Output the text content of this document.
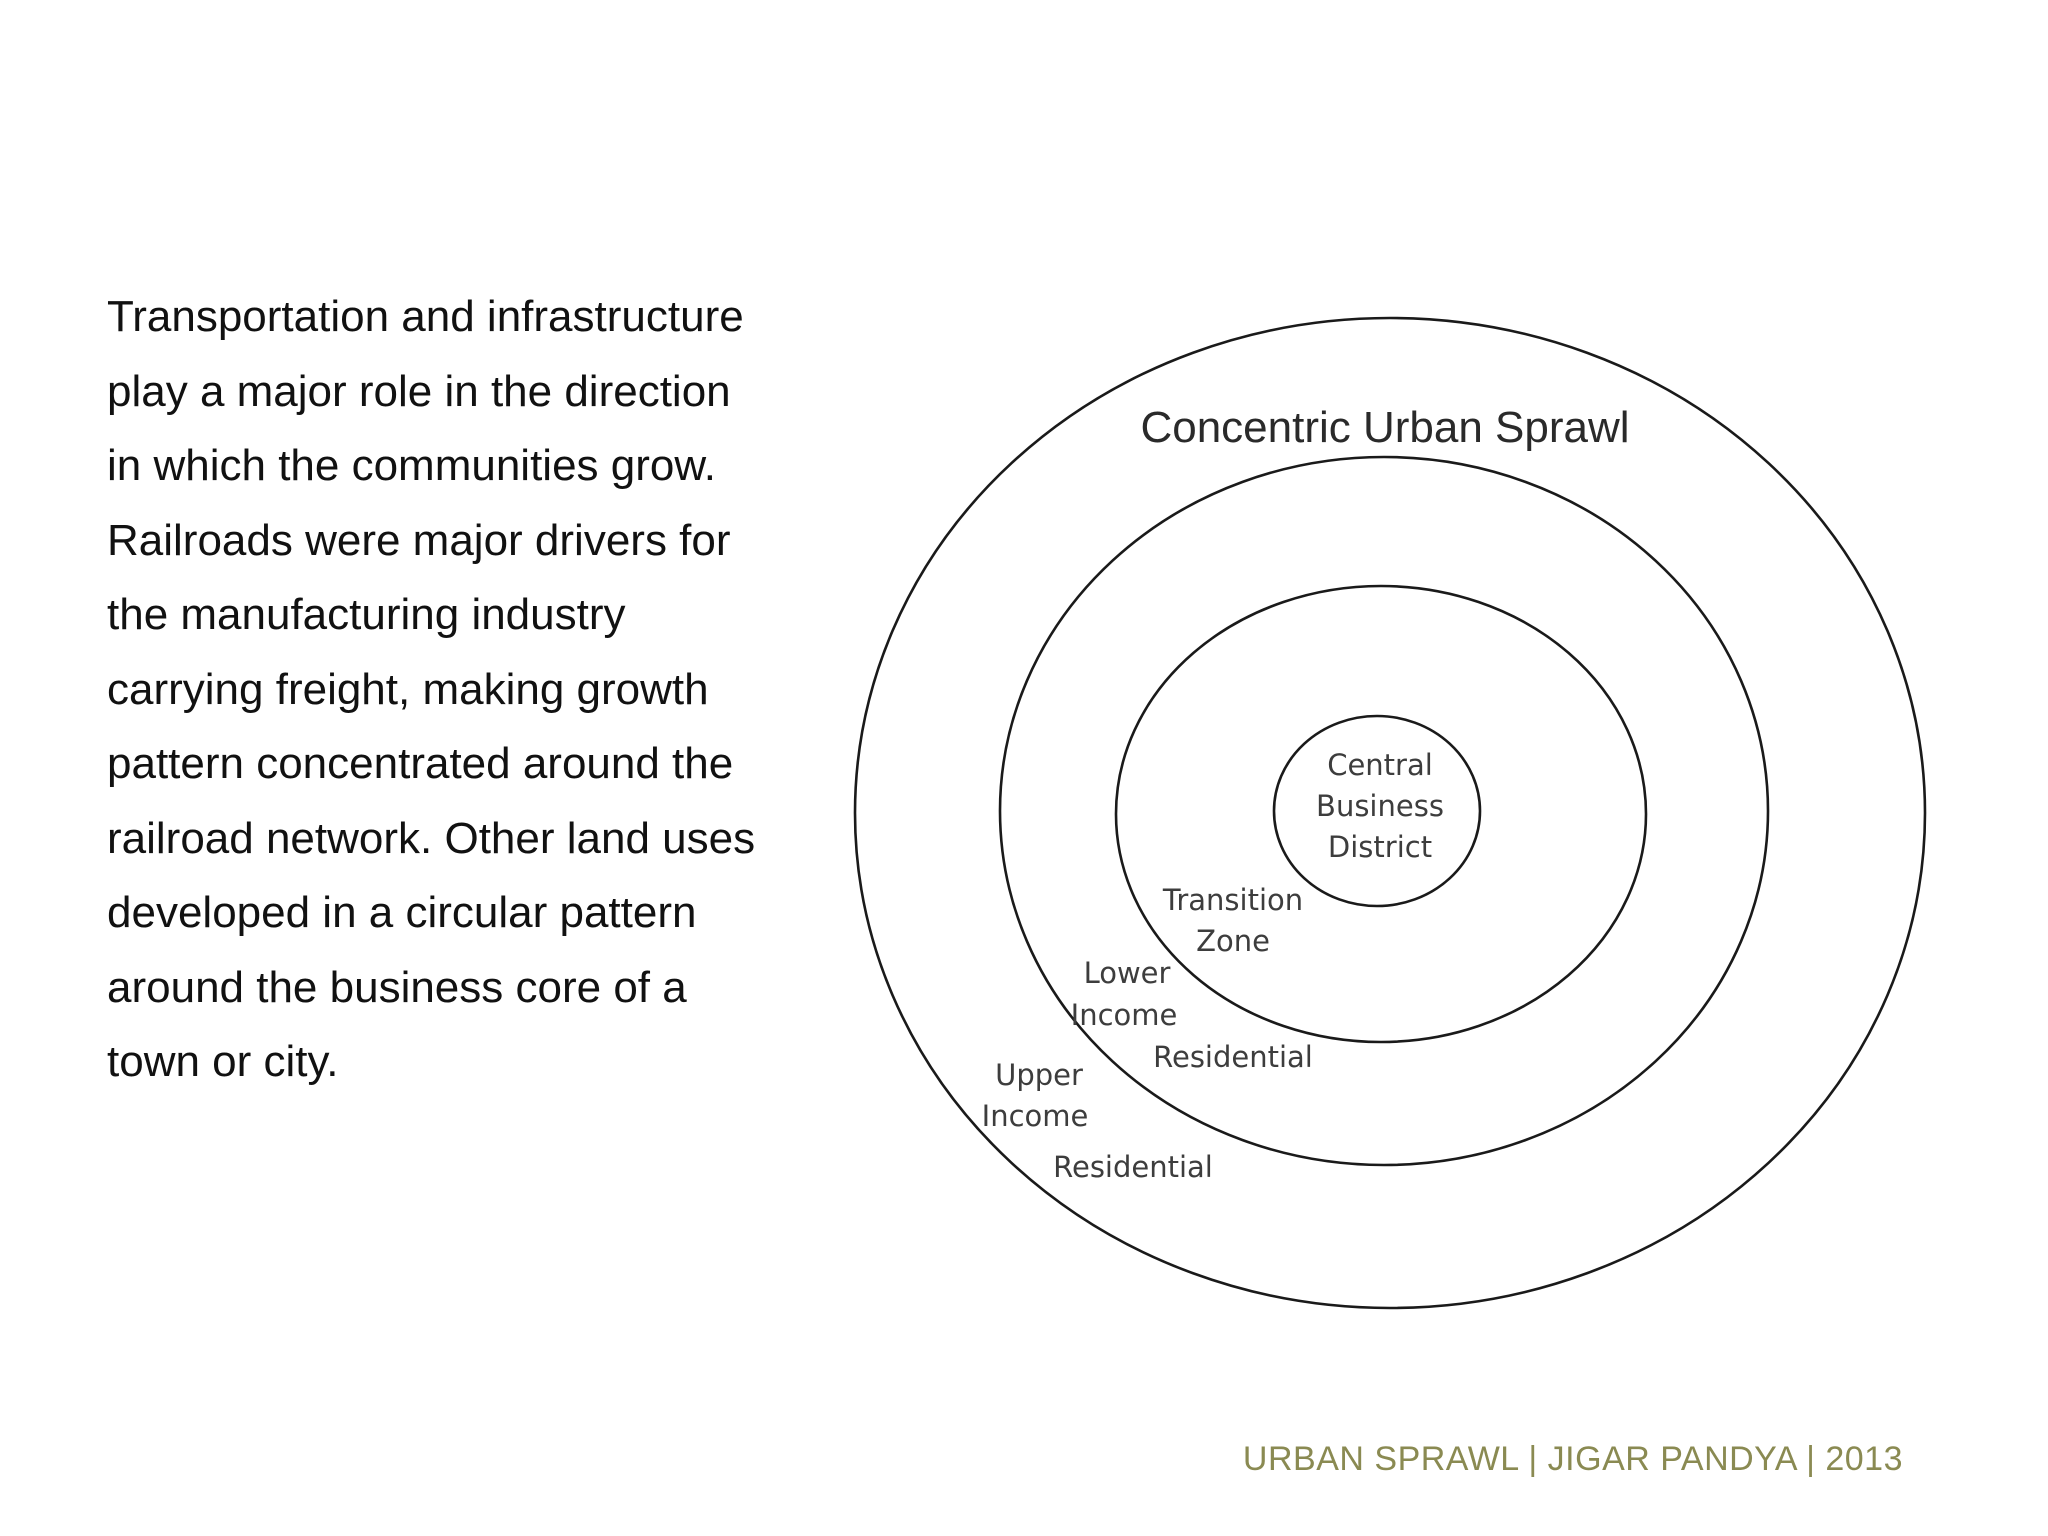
Transportation and infrastructure
play a major role in the direction
in which the communities grow.
Railroads were major drivers for
the manufacturing industry
carrying freight, making growth
pattern concentrated around the
railroad network. Other land uses
developed in a circular pattern
around the business core of a
town or city.
Concentric Urban Sprawl
Central
Business
District
Transition
Zone
Lower
Income
Residential
Upper
Income
Residential
URBAN SPRAWL | JIGAR PANDYA | 2013
